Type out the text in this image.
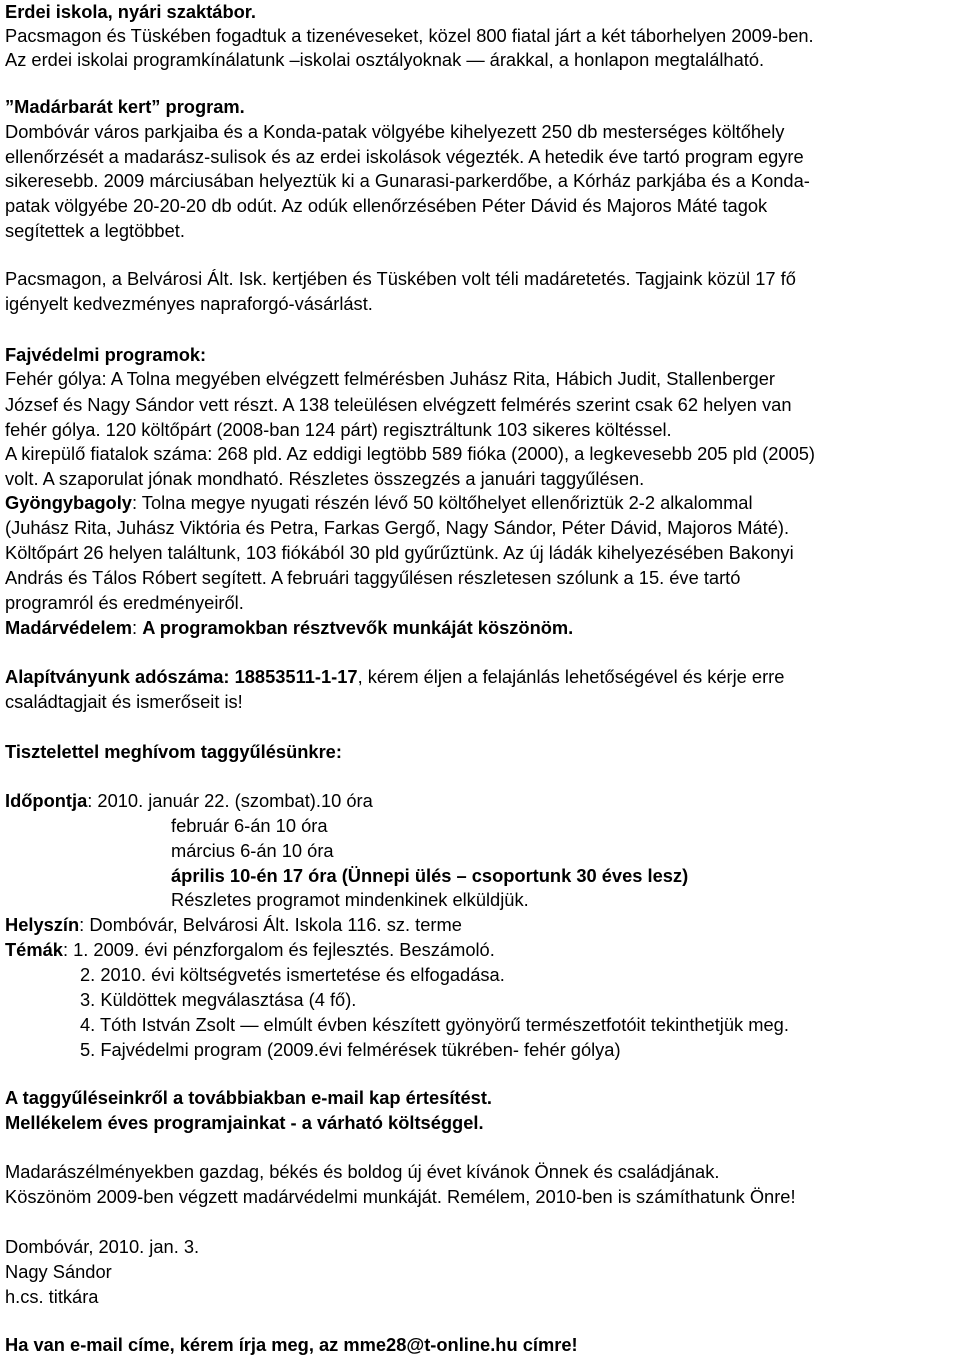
Erdei iskola, nyári szaktábor.
Pacsmagon és Tüskében fogadtuk a tizenéveseket, közel 800 fiatal járt a két táborhelyen 2009-ben.
Az erdei iskolai programkínálatunk –iskolai osztályoknak — árakkal, a honlapon megtalálható.
”Madárbarát kert” program.
Dombóvár város parkjaiba és a Konda-patak völgyébe kihelyezett 250 db mesterséges költőhely
ellenőrzését a madarász-sulisok és az erdei iskolások végezték. A hetedik éve tartó program egyre
sikeresebb. 2009 márciusában helyeztük ki a Gunarasi-parkerdőbe, a Kórház parkjába és a Konda-
patak völgyébe 20-20-20 db odút. Az odúk ellenőrzésében Péter Dávid és Majoros Máté tagok
segítettek a legtöbbet.
Pacsmagon, a Belvárosi Ált. Isk. kertjében és Tüskében volt téli madáretetés. Tagjaink közül 17 fő
igényelt kedvezményes napraforgó-vásárlást.
Fajvédelmi programok:
Fehér gólya: A Tolna megyében elvégzett felmérésben Juhász Rita, Hábich Judit, Stallenberger
József és Nagy Sándor vett részt. A 138 teleülésen elvégzett felmérés szerint csak 62 helyen van
fehér gólya. 120 költőpárt (2008-ban 124 párt) regisztráltunk 103 sikeres költéssel.
A kirepülő fiatalok száma: 268 pld. Az eddigi legtöbb 589 fióka (2000), a legkevesebb 205 pld (2005)
volt. A szaporulat jónak mondható. Részletes összegzés a januári taggyűlésen.
Gyöngybagoly: Tolna megye nyugati részén lévő 50 költőhelyet ellenőriztük 2-2 alkalommal
(Juhász Rita, Juhász Viktória és Petra, Farkas Gergő, Nagy Sándor, Péter Dávid, Majoros Máté).
Költőpárt 26 helyen találtunk, 103 fiókából 30 pld gyűrűztünk. Az új ládák kihelyezésében Bakonyi
András és Tálos Róbert segített. A februári taggyűlésen részletesen szólunk a 15. éve tartó
programról és eredményeiről.
Madárvédelem: A programokban résztvevők munkáját köszönöm.
Alapítványunk adószáma: 18853511-1-17, kérem éljen a felajánlás lehetőségével és kérje erre
családtagjait és ismerőseit is!
Tisztelettel meghívom taggyűlésünkre:
Időpontja: 2010. január 22. (szombat).10 óra
február 6-án 10 óra
március 6-án 10 óra
április 10-én 17 óra (Ünnepi ülés – csoportunk 30 éves lesz)
Részletes programot mindenkinek elküldjük.
Helyszín: Dombóvár, Belvárosi Ált. Iskola 116. sz. terme
Témák: 1. 2009. évi pénzforgalom és fejlesztés. Beszámoló.
2. 2010. évi költségvetés ismertetése és elfogadása.
3. Küldöttek megválasztása (4 fő).
4. Tóth István Zsolt — elmúlt évben készített gyönyörű természetfotóit tekinthetjük meg.
5. Fajvédelmi program (2009.évi felmérések tükrében- fehér gólya)
A taggyűléseinkről a továbbiakban e-mail kap értesítést.
Mellékelem éves programjainkat - a várható költséggel.
Madarászélményekben gazdag, békés és boldog új évet kívánok Önnek és családjának.
Köszönöm 2009-ben végzett madárvédelmi munkáját. Remélem, 2010-ben is számíthatunk Önre!
Dombóvár, 2010. jan. 3.
Nagy Sándor
h.cs. titkára
Ha van e-mail címe, kérem írja meg, az mme28@t-online.hu címre!
